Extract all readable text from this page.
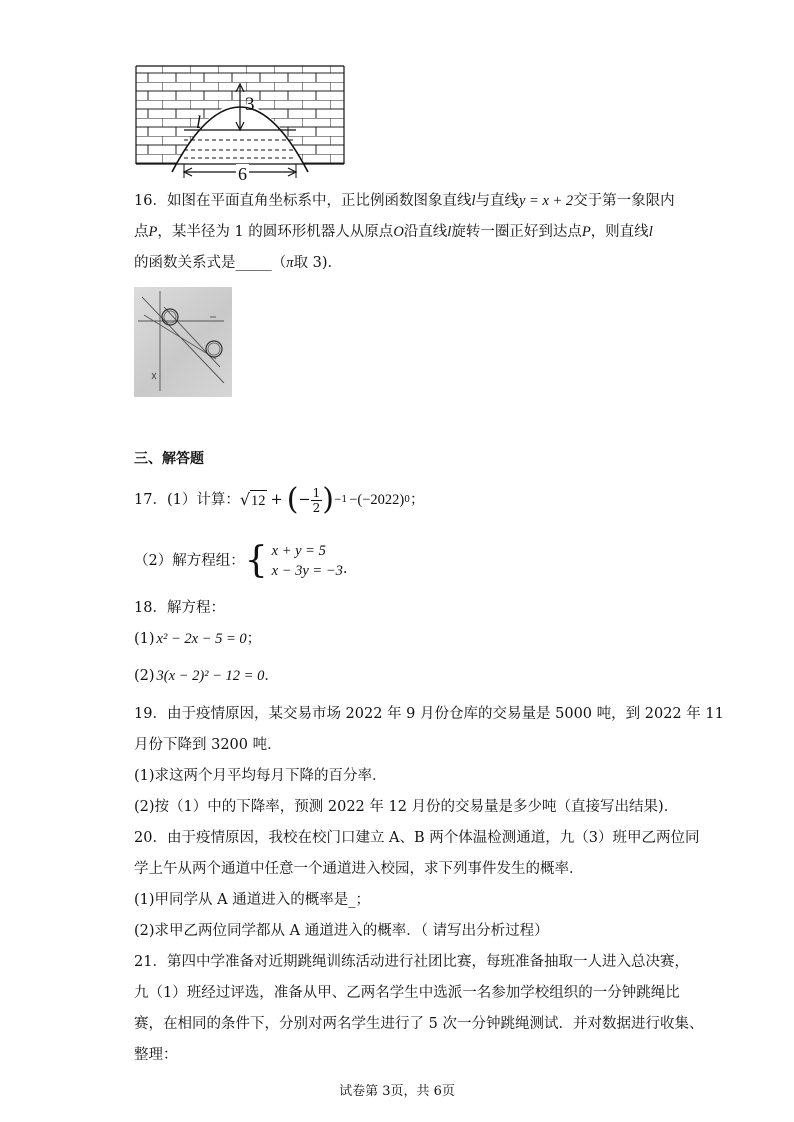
3
l
6
16．如图在平面直角坐标系中，正比例函数图象直线l与直线y = x + 2交于第一象限内
点P，某半径为 1 的圆环形机器人从原点O沿直线l旋转一圈正好到达点P，则直线l
的函数关系式是_____（π取 3)．
三、解答题
17．(1）计算： √ 12 + ( − $\frac{1}{2}$ ) −1 −(−2022) 0 ；
（2）解方程组： { x + y = 5
x − 3y = −3 .
18．解方程：
(1) x² − 2x − 5 = 0；
(2) 3(x − 2)² − 12 = 0．
19．由于疫情原因，某交易市场 2022 年 9 月份仓库的交易量是 5000 吨，到 2022 年 11
月份下降到 3200 吨．
(1)求这两个月平均每月下降的百分率．
(2)按（1）中的下降率，预测 2022 年 12 月份的交易量是多少吨（直接写出结果)．
20．由于疫情原因，我校在校门口建立 A、B 两个体温检测通道，九（3）班甲乙两位同
学上午从两个通道中任意一个通道进入校园，求下列事件发生的概率．
(1)甲同学从 A 通道进入的概率是_；
(2)求甲乙两位同学都从 A 通道进入的概率．（ 请写出分析过程）
21．第四中学准备对近期跳绳训练活动进行社团比赛，每班准备抽取一人进入总决赛，
九（1）班经过评选，准备从甲、乙两名学生中选派一名参加学校组织的一分钟跳绳比
赛，在相同的条件下，分别对两名学生进行了 5 次一分钟跳绳测试．并对数据进行收集、
整理：
试卷第 3页，共 6页
